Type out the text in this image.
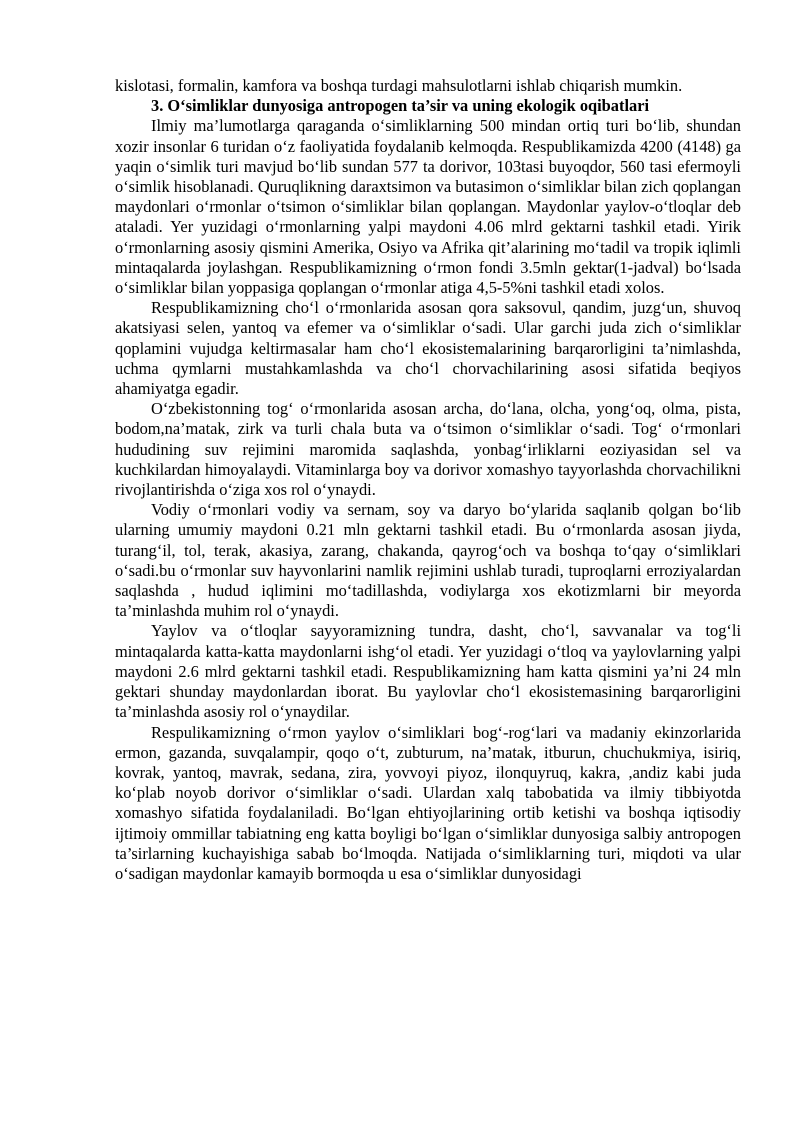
kislotasi, formalin, kamfora va boshqa turdagi mahsulotlarni ishlab chiqarish mumkin.

3. O‘simliklar dunyosiga antropogen ta’sir va uning ekologik oqibatlari

Ilmiy ma’lumotlarga qaraganda o‘simliklarning 500 mindan ortiq turi bo‘lib, shundan xozir insonlar 6 turidan o‘z faoliyatida foydalanib kelmoqda. Respublikamizda 4200 (4148) ga yaqin o‘simlik turi mavjud bo‘lib sundan 577 ta dorivor, 103tasi buyoqdor, 560 tasi efermoyli o‘simlik hisoblanadi. Quruqlikning daraxtsimon va butasimon o‘simliklar bilan zich qoplangan maydonlari o‘rmonlar o‘tsimon o‘simliklar bilan qoplangan. Maydonlar yaylov-o‘tloqlar deb ataladi. Yer yuzidagi o‘rmonlarning yalpi maydoni 4.06 mlrd gektarni tashkil etadi. Yirik o‘rmonlarning asosiy qismini Amerika, Osiyo va Afrika qit’alarining mo‘tadil va tropik iqlimli mintaqalarda joylashgan. Respublikamizning o‘rmon fondi 3.5mln gektar(1-jadval) bo‘lsada o‘simliklar bilan yoppasiga qoplangan o‘rmonlar atiga 4,5-5%ni tashkil etadi xolos.

Respublikamizning cho‘l o‘rmonlarida asosan qora saksovul, qandim, juzg‘un, shuvoq akatsiyasi selen, yantoq va efemer va o‘simliklar o‘sadi. Ular garchi juda zich o‘simliklar qoplamini vujudga keltirmasalar ham cho‘l ekosistemalarining barqarorligini ta’nimlashda, uchma qymlarni mustahkamlashda va cho‘l chorvachilarining asosi sifatida beqiyos ahamiyatga egadir.

O‘zbekistonning tog‘ o‘rmonlarida asosan archa, do‘lana, olcha, yong‘oq, olma, pista, bodom,na’matak, zirk va turli chala buta va o‘tsimon o‘simliklar o‘sadi. Tog‘ o‘rmonlari hududining suv rejimini maromida saqlashda, yonbag‘irliklarni eoziyasidan sel va kuchkilardan himoyalaydi. Vitaminlarga boy va dorivor xomashyo tayyorlashda chorvachilikni rivojlantirishda o‘ziga xos rol o‘ynaydi.

Vodiy o‘rmonlari vodiy va sernam, soy va daryo bo‘ylarida saqlanib qolgan bo‘lib ularning umumiy maydoni 0.21 mln gektarni tashkil etadi. Bu o‘rmonlarda asosan jiyda, turang‘il, tol, terak, akasiya, zarang, chakanda, qayrog‘och va boshqa to‘qay o‘simliklari o‘sadi.bu o‘rmonlar suv hayvonlarini namlik rejimini ushlab turadi, tuproqlarni erroziyalardan saqlashda , hudud iqlimini mo‘tadillashda, vodiylarga xos ekotizmlarni bir meyorda ta’minlashda muhim rol o‘ynaydi.

Yaylov va o‘tloqlar sayyoramizning tundra, dasht, cho‘l, savvanalar va tog‘li mintaqalarda katta-katta maydonlarni ishg‘ol etadi. Yer yuzidagi o‘tloq va yaylovlarning yalpi maydoni 2.6 mlrd gektarni tashkil etadi. Respublikamizning ham katta qismini ya’ni 24 mln gektari shunday maydonlardan iborat. Bu yaylovlar cho‘l ekosistemasining barqarorligini ta’minlashda asosiy rol o‘ynaydilar.

Respulikamizning o‘rmon yaylov o‘simliklari bog‘-rog‘lari va madaniy ekinzorlarida ermon, gazanda, suvqalampir, qoqo o‘t, zubturum, na’matak, itburun, chuchukmiya, isiriq, kovrak, yantoq, mavrak, sedana, zira, yovvoyi piyoz, ilonquyruq, kakra, ,andiz kabi juda ko‘plab noyob dorivor o‘simliklar o‘sadi. Ulardan xalq tabobatida va ilmiy tibbiyotda xomashyo sifatida foydalaniladi. Bo‘lgan ehtiyojlarining ortib ketishi va boshqa iqtisodiy ijtimoiy ommillar tabiatning eng katta boyligi bo‘lgan o‘simliklar dunyosiga salbiy antropogen ta’sirlarning kuchayishiga sabab bo‘lmoqda. Natijada o‘simliklarning turi, miqdoti va ular o‘sadigan maydonlar kamayib bormoqda u esa o‘simliklar dunyosidagi
